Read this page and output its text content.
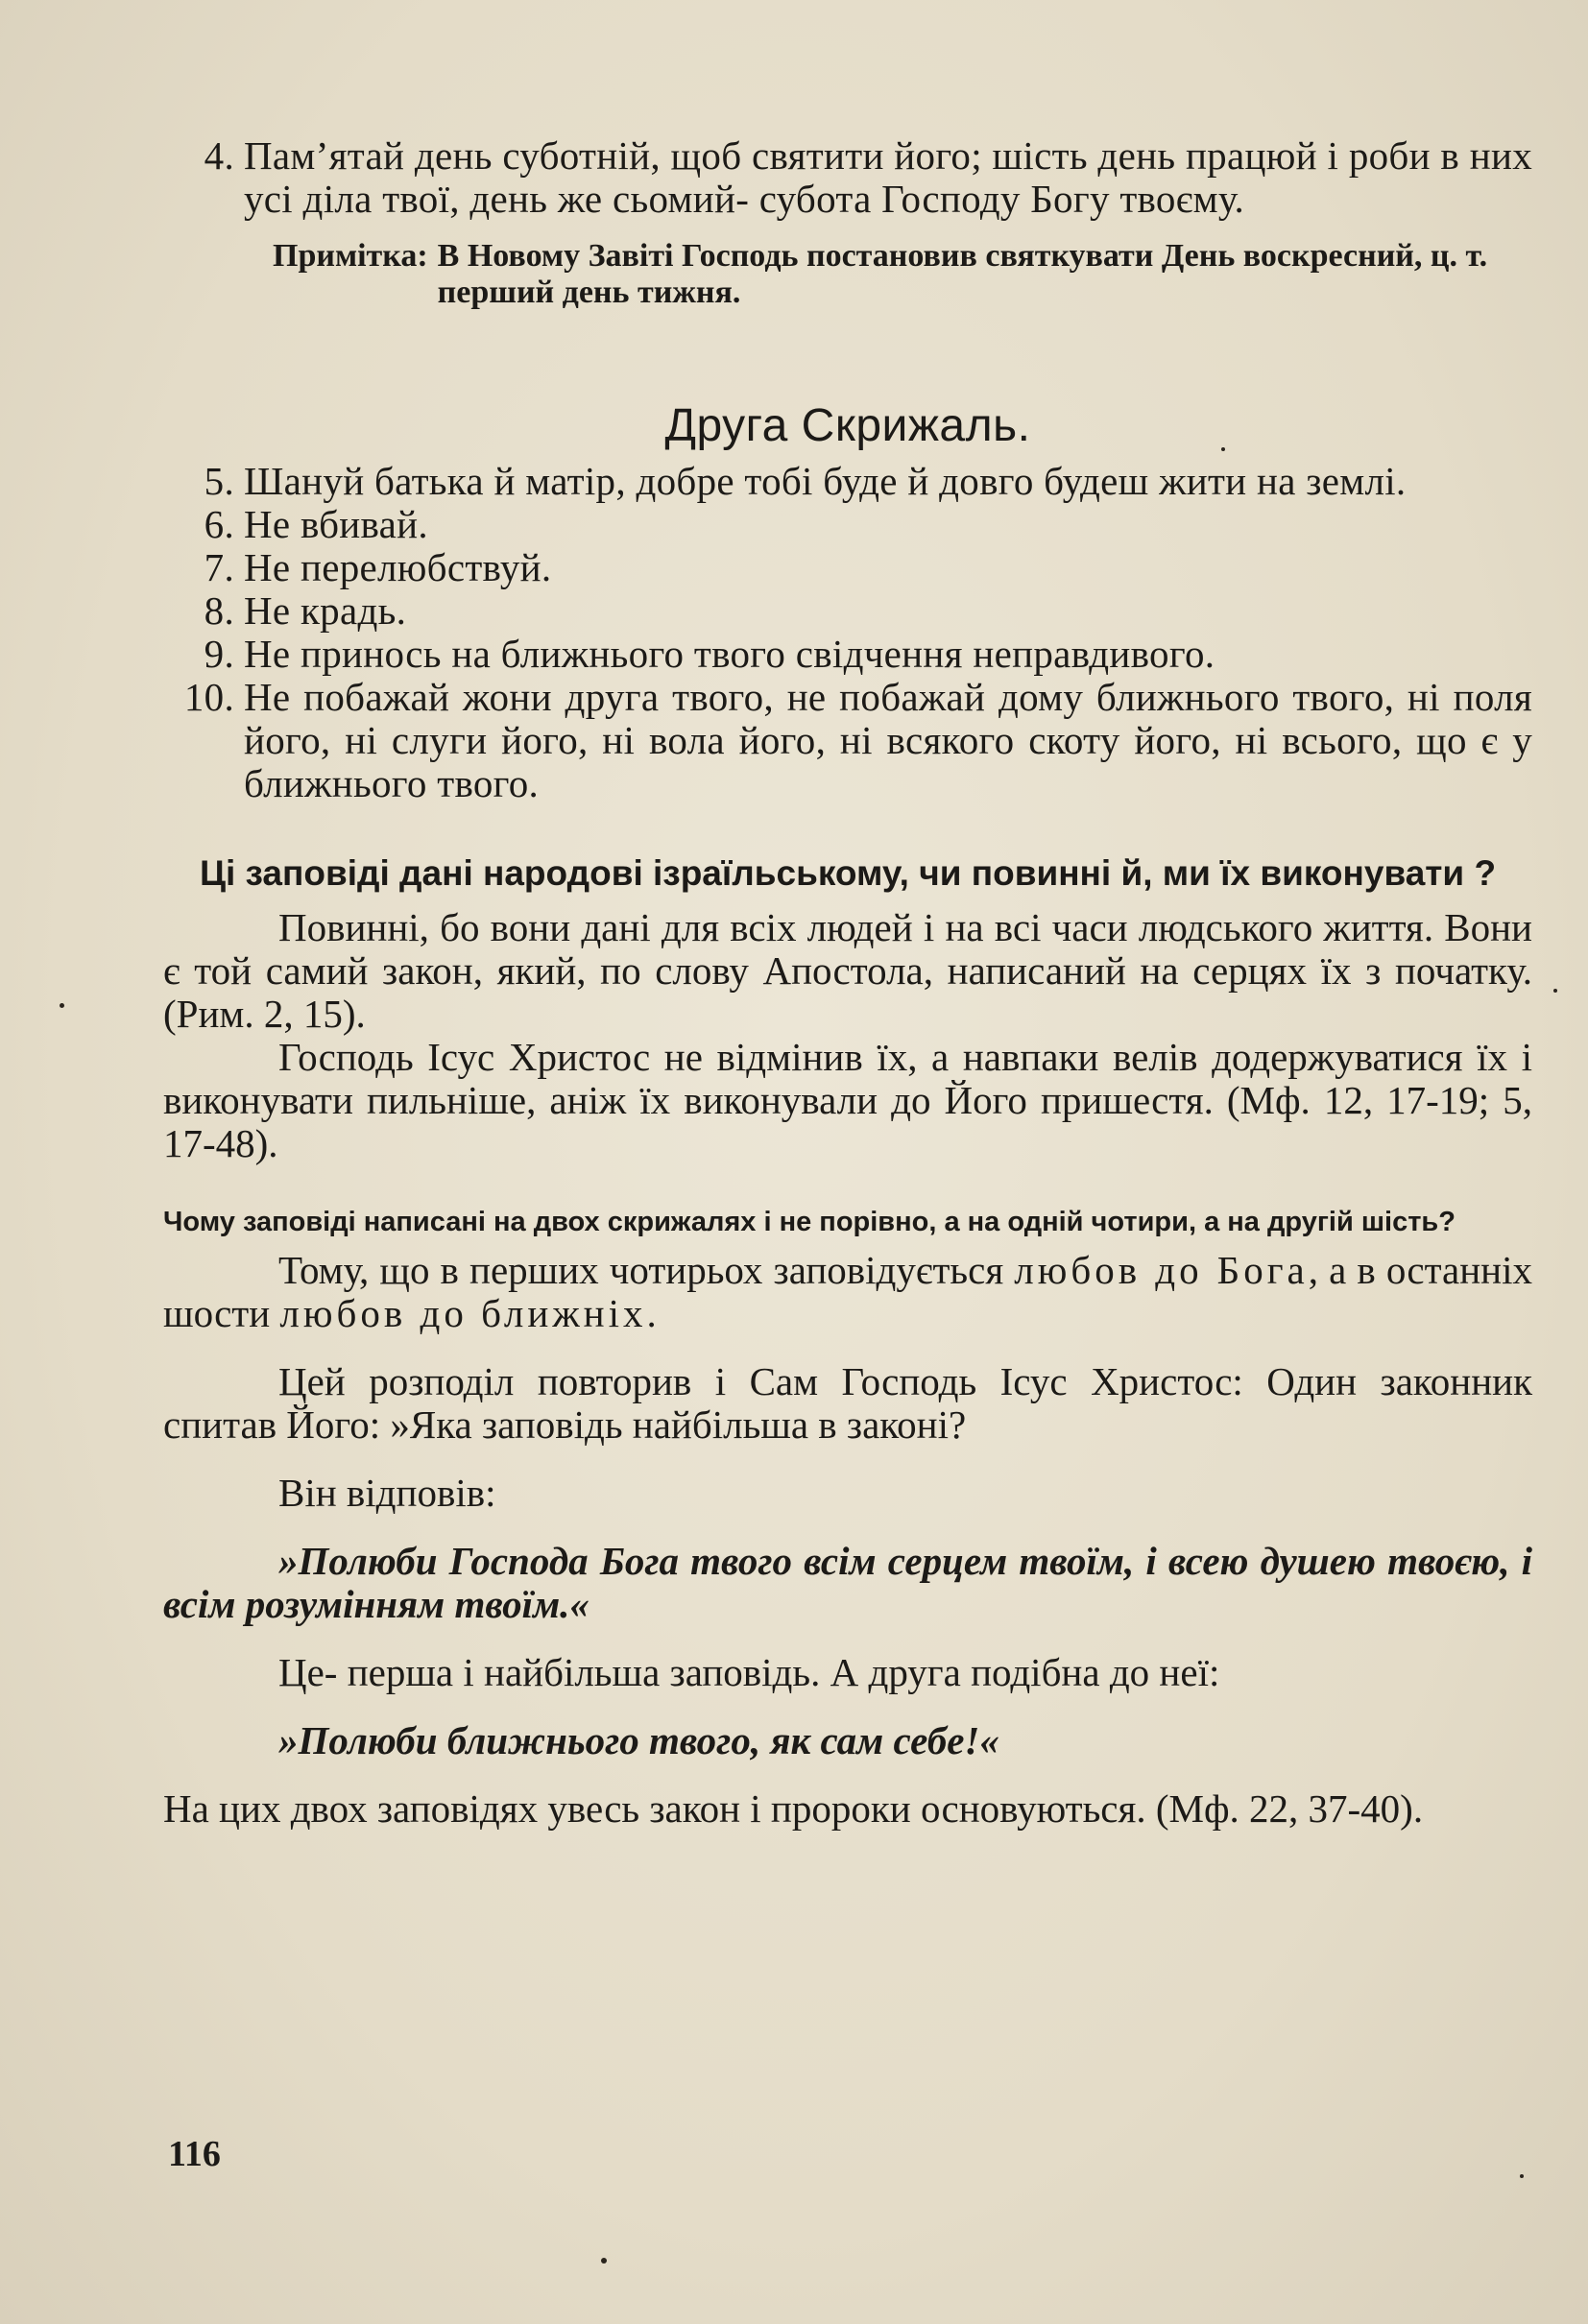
4. Пам’ятай день суботній, щоб святити його; шість день працюй і роби в них усі діла твої, день же сьомий- субота Господу Богу твоєму.
Примітка: В Новому Завіті Господь постановив святкувати День воскресний, ц. т. перший день тижня.
Друга Скрижаль.
5. Шануй батька й матір, добре тобі буде й довго будеш жити на землі.
6. Не вбивай.
7. Не перелюбствуй.
8. Не крадь.
9. Не принось на ближнього твого свідчення неправдивого.
10. Не побажай жони друга твого, не побажай дому ближнього твого, ні поля його, ні слуги його, ні вола його, ні всякого скоту його, ні всього, що є у ближнього твого.
Ці заповіді дані народові ізраїльському, чи повинні й, ми їх виконувати ?

Повинні, бо вони дані для всіх людей і на всі часи людського життя. Вони є той самий закон, який, по слову Апостола, написаний на серцях їх з початку. (Рим. 2, 15).

Господь Ісус Христос не відмінив їх, а навпаки велів додержуватися їх і виконувати пильніше, аніж їх виконували до Його пришестя. (Мф. 12, 17-19; 5, 17-48).

Чому заповіді написані на двох скрижалях і не порівно, а на одній чотири, а на другій шість?

Тому, що в перших чотирьох заповідується любов до Бога, а в останніх шости любов до ближніх.

Цей розподіл повторив і Сам Господь Ісус Христос: Один законник спитав Його: »Яка заповідь найбільша в законі?

Він відповів:

»Полюби Господа Бога твого всім серцем твоїм, і всею душею твоєю, і всім розумінням твоїм.«

Це- перша і найбільша заповідь. А друга подібна до неї:

»Полюби ближнього твого, як сам себе!«

На цих двох заповідях увесь закон і пророки основуються. (Мф. 22, 37-40).

116
